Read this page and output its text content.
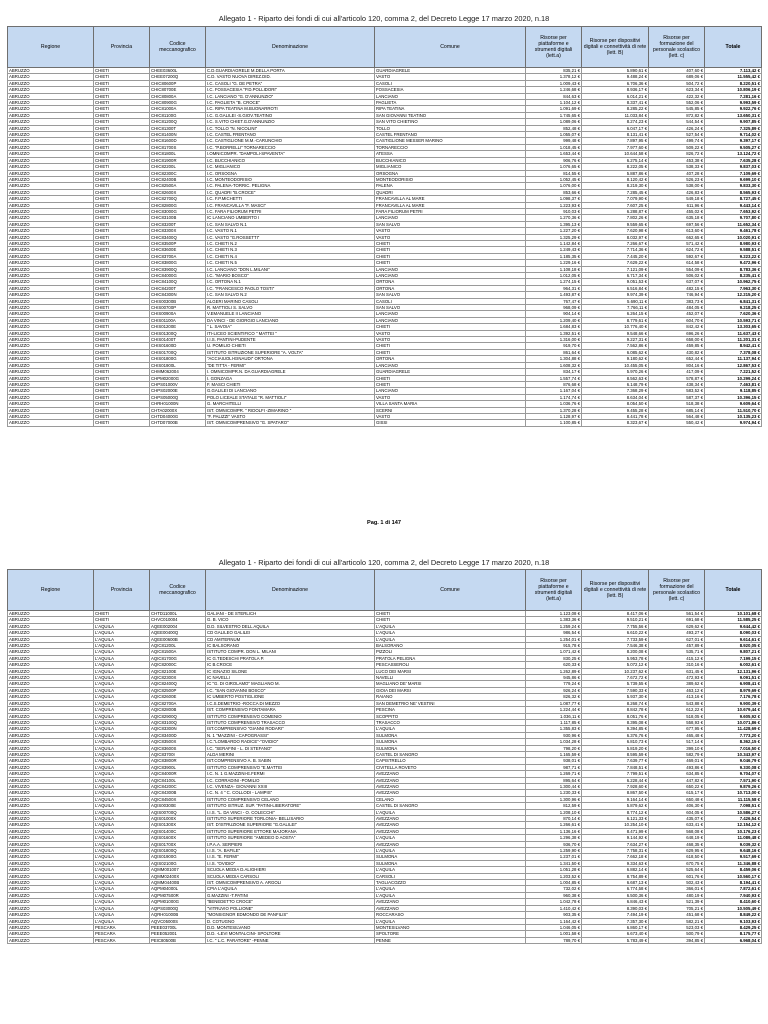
Allegato 1 - Riparto dei fondi di cui all'articolo 120, comma 2, del Decreto Legge 17 marzo 2020, n.18
Regione	Provincia	Codice meccanografico	Denominazione	Comune	Risorse per piattaforme e strumenti digitali (lett.a)	Risorse per dispositivi digitali e connettività di rete (lett. B)	Risorse per formazione del personale scolastico (lett. c)	Totale
ABRUZZO	CHIETI	CHEE03600L	C.D.GUARDIAGRELE M.DELLA PORTA	GUARDIAGRELE	835,21 €	5.890,61 €	407,60 €	7.113,42 €
ABRUZZO	CHIETI	CHEE07200Q	C.D. VASTO NUOVA DIREZ.DID.	VASTO	1.378,12 €	9.488,24 €	689,06 €	11.555,42 €
ABRUZZO	CHIETI	CHIC80600P	I.C. CASOLI "G. DE PETRA"	CASOLI	1.009,43 €	6.706,36 €	504,72 €	8.220,51 €
ABRUZZO	CHIETI	CHIC80700E	I.C. FOSSACESIA "P.D.POLLIDORI"	FOSSACESIA	1.246,68 €	8.936,17 €	623,34 €	10.806,19 €
ABRUZZO	CHIETI	CHIC80800A	I.C. LANCIANO "G. D'ANNUNZIO"	LANCIANO	844,63 €	6.014,21 €	422,32 €	7.281,16 €
ABRUZZO	CHIETI	CHIC80900G	I.C. PAGLIETA "B. CROCE"	PAGLIETA	1.104,12 €	8.337,41 €	552,06 €	9.993,59 €
ABRUZZO	CHIETI	CHIC81000A	I.C. RIPA TEATINA M.BUONARROTI	RIPA TEATINA	1.091,69 €	8.285,22 €	545,85 €	9.922,76 €
ABRUZZO	CHIETI	CHIC81100G	I.C. G.GALILEI -S.GIOV.TEATINO	SAN GIOVANNI TEATINO	1.745,65 €	11.033,84 €	872,82 €	13.650,31 €
ABRUZZO	CHIETI	CHIC81200Q	I.C. S.VITO CHIET.G.D'ANNUNZIO	SAN VITO CHIETINO	1.089,06 €	8.274,23 €	544,54 €	9.907,85 €
ABRUZZO	CHIETI	CHIC81300T	I.C. TOLLO "N. NICOLINI"	TOLLO	852,48 €	6.047,17 €	426,24 €	7.325,89 €
ABRUZZO	CHIETI	CHIC81400N	I.C. CASTEL FRENTANO	CASTEL FRENTANO	1.055,07 €	8.131,41 €	527,54 €	9.714,02 €
ABRUZZO	CHIETI	CHIC81600D	I.C. CASTIGLIONE M.M.-CARUNCHIO	CASTIGLIONE MESSER MARINO	999,48 €	7.897,95 €	499,74 €	9.397,17 €
ABRUZZO	CHIETI	CHIC81700S	I.C. "P.BORRELLI" TORNARECCIO	TORNARECCIO	1.018,45 €	7.977,60 €	509,22 €	9.505,27 €
ABRUZZO	CHIETI	CHIC81800L	I.OMNICOMPR. "DAMPOLI-SPAVENTA"	ATESSA	1.653,44 €	10.644,58 €	826,72 €	13.124,72 €
ABRUZZO	CHIETI	CHIC81900R	I.C. BUCCHIANICO	BUCCHIANICO	906,76 €	6.275,14 €	453,38 €	7.635,28 €
ABRUZZO	CHIETI	CHIC82200L	I.C. MIGLIANICO	MIGLIANICO	1.076,65 €	8.222,05 €	538,33 €	9.837,03 €
ABRUZZO	CHIETI	CHIC82300C	I.C. ORSOGNA	ORSOGNA	814,55 €	5.887,86 €	407,28 €	7.109,69 €
ABRUZZO	CHIETI	CHIC82400B	I.C. MONTEODORISIO	MONTEODORISIO	1.052,45 €	8.120,42 €	526,23 €	9.699,10 €
ABRUZZO	CHIETI	CHIC82500A	I.C. PALENA-TORRIC. PELIGNA	PALENA	1.076,00 €	8.219,30 €	538,00 €	9.833,30 €
ABRUZZO	CHIETI	CHIC82600X	I.C. QUADRI "B.CROCE"	QUADRI	853,66 €	7.285,45 €	426,83 €	8.565,93 €
ABRUZZO	CHIETI	CHIC82700Q	I.C. F.P.MICHETTI	FRANCAVILLA AL MARE	1.098,37 €	7.079,90 €	549,18 €	8.727,45 €
ABRUZZO	CHIETI	CHIC82800G	I.C. FRANCAVILLA "F. MASCI"	FRANCAVILLA AL MARE	1.223,93 €	7.607,25 €	611,96 €	9.443,14 €
ABRUZZO	CHIETI	CHIC83000G	I.C. FARA FILIORUM PETRI	FARA FILIORUM PETRI	910,03 €	6.288,87 €	455,02 €	7.653,92 €
ABRUZZO	CHIETI	CHIC83100B	IC LANCIANO UMBERTO I	LANCIANO	1.270,36 €	7.802,26 €	635,18 €	9.707,80 €
ABRUZZO	CHIETI	CHIC83200T	I.C. SAN SALVO N.1	SAN SALVO	1.395,13 €	9.559,65 €	697,56 €	11.652,34 €
ABRUZZO	CHIETI	CHIC83300X	I.C. VASTO N.1	VASTO	1.227,20 €	7.620,98 €	613,60 €	9.461,78 €
ABRUZZO	CHIETI	CHIC83400Q	I.C. VASTO "G.ROSSETTI"	VASTO	1.325,29 €	8.032,97 €	662,65 €	10.020,91 €
ABRUZZO	CHIETI	CHIC83500P	I.C. CHIETI N.2	CHIETI	1.142,84 €	7.266,67 €	571,42 €	8.980,93 €
ABRUZZO	CHIETI	CHIC83600E	I.C. CHIETI N.3	CHIETI	1.249,43 €	7.714,36 €	624,72 €	9.588,51 €
ABRUZZO	CHIETI	CHIC83700A	I.C. CHIETI N.4	CHIETI	1.185,35 €	7.445,20 €	592,67 €	9.223,22 €
ABRUZZO	CHIETI	CHIC83800G	I.C. CHIETI N.5	CHIETI	1.229,16 €	7.629,22 €	614,58 €	9.472,96 €
ABRUZZO	CHIETI	CHIC83900Q	I.C. LANCIANO "DON L.MILANI"	LANCIANO	1.108,18 €	7.121,09 €	554,09 €	8.783,36 €
ABRUZZO	CHIETI	CHIC84000G	I.C. "MARIO BOSCO"	LANCIANO	1.012,05 €	6.717,34 €	506,02 €	8.235,41 €
ABRUZZO	CHIETI	CHIC84100Q	I.C. ORTONA N.1	ORTONA	1.274,15 €	9.051,53 €	637,07 €	10.962,75 €
ABRUZZO	CHIETI	CHIC84200T	I.C. "FRANCESCO PAOLO TOSTI"	ORTONA	964,31 €	6.516,84 €	482,15 €	7.963,30 €
ABRUZZO	CHIETI	CHIC84300N	I.C. SAN SALVO N.2	SAN SALVO	1.493,87 €	9.974,39 €	746,94 €	12.215,20 €
ABRUZZO	CHIETI	CHIS00300B	ALGERI MARINO CASOLI	CASOLI	767,47 €	5.690,11 €	383,73 €	6.841,31 €
ABRUZZO	CHIETI	CHIS00700P	R. MATTIOLI S. SALVO	SAN SALVO	968,09 €	7.766,11 €	484,05 €	9.218,25 €
ABRUZZO	CHIETI	CHIS00900A	V.EMANUELE II LANCIANO	LANCIANO	904,14 €	6.264,15 €	452,07 €	7.620,36 €
ABRUZZO	CHIETI	CHIS01100A	DA VINCI - DE GIORGIO LANCIANO	LANCIANO	1.209,40 €	8.779,61 €	604,70 €	10.593,71 €
ABRUZZO	CHIETI	CHIS01200E	" L. SAVOIA"	CHIETI	1.684,83 €	10.776,40 €	842,42 €	13.303,65 €
ABRUZZO	CHIETI	CHIS01300Q	ITI-LICEO SCIENTIFICO " MATTEI "	VASTO	1.392,51 €	9.548,66 €	696,26 €	11.637,43 €
ABRUZZO	CHIETI	CHIS01400T	I.I.S. PANTINI-PUDENTE	VASTO	1.316,00 €	9.227,31 €	658,00 €	11.201,31 €
ABRUZZO	CHIETI	CHIS01600D	U. POMILIO CHIETI	CHIETI	919,70 €	7.562,86 €	459,85 €	8.942,41 €
ABRUZZO	CHIETI	CHIS01700Q	ISTITUTO ISTRUZIONE SUPERIORE "A. VOLTA"	CHIETI	861,64 €	6.085,62 €	430,82 €	7.378,08 €
ABRUZZO	CHIETI	CHIS01800G	"ACCIAIUOLI-EINAUDI" ORTONA	ORTONA	1.304,88 €	9.180,62 €	652,44 €	11.137,94 €
ABRUZZO	CHIETI	CHIS01900L	"DE TITTA - FERMI"	LANCIANO	1.608,32 €	10.455,05 €	804,16 €	12.867,53 €
ABRUZZO	CHIETI	CHMM062004	I. OMNICOMPR.N. DA GUARDIAGRELE	GUARDIAGRELE	834,17 €	5.970,26 €	417,09 €	7.221,52 €
ABRUZZO	CHIETI	CHPM02000G	I. GONZAGA	CHIETI	1.557,74 €	8.562,63 €	578,87 €	10.299,24 €
ABRUZZO	CHIETI	CHPS01000V	F. MASCI CHIETI	CHIETI	876,68 €	6.148,79 €	438,34 €	7.463,81 €
ABRUZZO	CHIETI	CHPS02000E	G.GALILEI DI LANCIANO	LANCIANO	1.167,04 €	7.368,29 €	583,52 €	9.118,85 €
ABRUZZO	CHIETI	CHPS05000Q	POLO LICEALE STATALE "R. MATTIOLI"	VASTO	1.174,74 €	8.634,04 €	587,37 €	10.396,15 €
ABRUZZO	CHIETI	CHRH01000N	G. MARCHITELLI	VILLA SANTA MARIA	1.036,76 €	8.054,50 €	518,38 €	9.609,64 €
ABRUZZO	CHIETI	CHTA02000X	IST. OMNICOMPR. " RIDOLFI -ZIMARINO "	SCERNI	1.370,28 €	9.455,28 €	685,14 €	11.510,70 €
ABRUZZO	CHIETI	CHTD04000G	"F. PALIZZI" VASTO	VASTO	1.128,97 €	8.441,78 €	564,48 €	10.135,23 €
ABRUZZO	CHIETI	CHTD07000B	IST. OMNICOMPRENSIVO "G. SPATARO"	GISSI	1.100,85 €	8.323,67 €	550,42 €	9.974,94 €
Pag. 1 di 147
Allegato 1 - Riparto dei fondi di cui all'articolo 120, comma 2, del Decreto Legge 17 marzo 2020, n.18
Regione	Provincia	Codice meccanografico	Denominazione	Comune	Risorse per piattaforme e strumenti digitali (lett.a)	Risorse per dispositivi digitali e connettività di rete (lett. B)	Risorse per formazione del personale scolastico (lett. c)	Totale
ABRUZZO	CHIETI	CHTD11000L	GALIANI - DE STERLICH	CHIETI	1.123,08 €	8.417,06 €	561,54 €	10.101,68 €
ABRUZZO	CHIETI	CHVC010004	G. B. VICO	CHIETI	1.383,36 €	9.510,21 €	691,68 €	11.585,25 €
ABRUZZO	L'AQUILA	AQEE002004	D.D. SILVESTRO DELL AQUILA	L'AQUILA	1.259,24 €	7.755,56 €	629,62 €	9.644,42 €
ABRUZZO	L'AQUILA	AQEE00400Q	CD GALILEO GALILEI	L'AQUILA	986,54 €	6.610,22 €	493,27 €	8.090,03 €
ABRUZZO	L'AQUILA	AQEE00600B	CD AMITERNUM	L'AQUILA	1.254,01 €	7.733,59 €	627,01 €	9.614,61 €
ABRUZZO	L'AQUILA	AQIC81200L	IC BALSORANO	BALSORANO	915,78 €	7.546,38 €	457,89 €	8.920,05 €
ABRUZZO	L'AQUILA	AQIC81500A	ISTITUTO COMPR. DON L. MILANI	PIZZOLI	1.071,42 €	8.200,08 €	535,71 €	9.807,21 €
ABRUZZO	L'AQUILA	AQIC81700G	IC G.TEDESCHI PRATOLA P.	PRATOLA PELIGNA	830,25 €	5.953,78 €	415,12 €	7.199,15 €
ABRUZZO	L'AQUILA	AQIC82000C	IC B.CROCE	PESCASSEROLI	620,33 €	5.072,12 €	310,16 €	6.002,61 €
ABRUZZO	L'AQUILA	AQIC82100E	IC IGNAZIO SILONE	LUCO DEI MARSI	1.262,89 €	10.237,62 €	631,45 €	12.131,96 €
ABRUZZO	L'AQUILA	AQIC82300X	IC NAVELLI	NAVELLI	945,86 €	7.672,72 €	472,93 €	9.091,51 €
ABRUZZO	L'AQUILA	AQIC82400Q	IC "G. DI GIROLAMO" MAGLIANO M.	MAGLIANO DE' MARSI	779,24 €	5.739,55 €	389,62 €	6.908,41 €
ABRUZZO	L'AQUILA	AQIC82500P	I.C. "SAN GIOVANNI BOSCO"	GIOIA DEI MARSI	926,24 €	7.590,33 €	463,12 €	8.979,69 €
ABRUZZO	L'AQUILA	AQIC82600E	IC UMBERTO POSTIGLIONE	RAIANO	826,32 €	5.937,30 €	413,16 €	7.176,78 €
ABRUZZO	L'AQUILA	AQIC82700A	I.C.S.DEMETRIO -ROCCA DI MEZZO	SAN DEMETRIO NE' VESTINI	1.087,77 €	8.268,74 €	543,88 €	9.900,39 €
ABRUZZO	L'AQUILA	AQIC82800B	IST. COMPRENSIVO FONTAMARA	PESCINA	1.224,44 €	8.842,78 €	612,22 €	10.679,44 €
ABRUZZO	L'AQUILA	AQIC82900Q	ISTITUTO COMPRENSIVO COMENIO	SCOPPITO	1.036,11 €	8.051,76 €	518,05 €	9.605,92 €
ABRUZZO	L'AQUILA	AQIC83100Q	ISTITUTO COMPRENSIVO TRASACCO	TRASACCO	1.117,85 €	8.395,08 €	558,93 €	10.071,86 €
ABRUZZO	L'AQUILA	AQIC83300N	IST.COMPRENSIVO "GIANNI RODARI"	L'AQUILA	1.355,83 €	9.394,85 €	677,95 €	11.428,69 €
ABRUZZO	L'AQUILA	AQIC83400D	N. 1 "MAZZINI - CAPOGRASSI"	SULMONA	930,96 €	6.376,76 €	465,48 €	7.773,20 €
ABRUZZO	L'AQUILA	AQIC83500X	I.C."LOMBARDO RADICE"-"OVIDIO"	SULMONA	1.034,28 €	6.810,73 €	517,14 €	8.362,15 €
ABRUZZO	L'AQUILA	AQIC83600S	I.C. "SERAFINI - L. DI STEFANO"	SULMONA	798,20 €	5.819,20 €	399,10 €	7.016,50 €
ABRUZZO	L'AQUILA	AQIC83700I	ALDA MERINI	CASTEL DI SANGRO	1.165,59 €	8.595,59 €	582,79 €	10.343,97 €
ABRUZZO	L'AQUILA	AQIC83800R	IST.COMPRENSIVO A. B. SABIN	CAPISTRELLO	938,01 €	7.639,77 €	469,01 €	9.046,79 €
ABRUZZO	L'AQUILA	AQIC83900L	ISTITUTO COMPRENSIVO "E.MATTEI	CIVITELLA ROVETO	987,71 €	7.848,51 €	493,86 €	9.330,08 €
ABRUZZO	L'AQUILA	AQIC84000R	I.C. N. 1 G.MAZZINI-E.FERMI	AVEZZANO	1.269,71 €	7.799,51 €	634,85 €	9.704,07 €
ABRUZZO	L'AQUILA	AQIC84100L	I.C. CORRADINI -POMILIO	AVEZZANO	895,64 €	6.228,44 €	447,82 €	7.571,90 €
ABRUZZO	L'AQUILA	AQIC84200C	I.C. VIVENZA- GIOVANNI XXIII	AVEZZANO	1.300,44 €	7.928,60 €	650,22 €	9.879,26 €
ABRUZZO	L'AQUILA	AQIC84300B	I.C. N. 4 " C. COLLODI - LAMPIS"	AVEZZANO	1.230,33 €	8.867,50 €	615,17 €	10.713,00 €
ABRUZZO	L'AQUILA	AQIC84500X	ISTITUTO COMPRENSIVO CELANO	CELANO	1.300,96 €	9.164,14 €	650,48 €	11.115,58 €
ABRUZZO	L'AQUILA	AQIS00300E	ISTITUTO ISTRUZ. SUP. "PATINI-LIBERATORE"	CASTEL DI SANGRO	812,59 €	5.879,62 €	406,30 €	7.098,51 €
ABRUZZO	L'AQUILA	AQIS00700Q	I.I.S. "L. DA VINCI - O. COLECCHI"	L'AQUILA	1.208,10 €	8.774,12 €	604,05 €	10.586,27 €
ABRUZZO	L'AQUILA	AQIS01000X	ISTITUTO SUPERIORE TORLONIA- BELLISARIO	AVEZZANO	870,14 €	6.121,33 €	435,07 €	7.426,54 €
ABRUZZO	L'AQUILA	AQIS01300X	IST. D'ISTRUZIONE SUPERIORE "G.GALILEI"	AVEZZANO	1.266,61 €	10.254,10 €	633,41 €	12.154,12 €
ABRUZZO	L'AQUILA	AQIS01400C	ISTITUTO SUPERIORE ETTORE MAJORANA	AVEZZANO	1.136,16 €	8.471,99 €	568,08 €	10.176,23 €
ABRUZZO	L'AQUILA	AQIS01600X	ISTITUTO SUPERIORE "AMEDEO D AOSTA"	L'AQUILA	1.296,38 €	9.144,92 €	648,19 €	11.089,48 €
ABRUZZO	L'AQUILA	AQIS01700X	I.P.A.A. SERPIERI	AVEZZANO	936,70 €	7.634,27 €	468,35 €	9.039,32 €
ABRUZZO	L'AQUILA	AQIS01800Q	I.I.S. "A. BAFILE"	L'AQUILA	1.259,90 €	7.758,31 €	629,95 €	9.648,16 €
ABRUZZO	L'AQUILA	AQIS01900G	I.I.S. "E. FERMI"	SULMONA	1.237,01 €	7.662,18 €	618,50 €	9.517,69 €
ABRUZZO	L'AQUILA	AQIS02100G	I.I.S. "OVIDIO"	SULMONA	1.341,50 €	9.334,63 €	670,75 €	11.346,88 €
ABRUZZO	L'AQUILA	AQMM001007	SCUOLA MEDIA D.ALIGHIERI	L'AQUILA	1.051,28 €	6.882,14 €	525,64 €	8.459,06 €
ABRUZZO	L'AQUILA	AQMM02400X	SCUOLA MEDIA CARSOLI	CARSOLI	1.203,52 €	8.754,89 €	601,76 €	10.560,17 €
ABRUZZO	L'AQUILA	AQMM04400B	IST. OMNICOMPRENSIVO A. ARGOLI	TAGLIACOZZO	1.004,85 €	6.687,13 €	502,43 €	8.194,41 €
ABRUZZO	L'AQUILA	AQPM04000L	CPIA L'AQUILA	L'AQUILA	732,02 €	6.774,58 €	366,01 €	7.872,61 €
ABRUZZO	L'AQUILA	AQPM07500R	G.MAZZINI -T.PATINI	L'AQUILA	960,38 €	6.500,36 €	480,19 €	7.940,93 €
ABRUZZO	L'AQUILA	AQPM01000G	"BENEDETTO CROCE"	AVEZZANO	1.042,78 €	6.846,43 €	521,39 €	8.410,60 €
ABRUZZO	L'AQUILA	AQPS03000Q	"VITRUVIO POLLIONE"	AVEZZANO	1.410,42 €	8.390,03 €	705,21 €	10.505,49 €
ABRUZZO	L'AQUILA	AQRH01000B	"MONSIGNOR EDMONDO DE PANFILIS"	ROCCARASO	903,35 €	7.494,19 €	451,68 €	8.849,22 €
ABRUZZO	L'AQUILA	AQVC05000S	D. COTUGNO	L'AQUILA	1.164,42 €	7.357,30 €	582,21 €	9.103,93 €
ABRUZZO	PESCARA	PEEE03700L	D.D. MONTESILVANO	MONTESILVANO	1.046,05 €	6.860,17 €	523,03 €	8.429,25 €
ABRUZZO	PESCARA	PEEE052001	D.D. -LEVI MONTALCINI- SPOLTORE	SPOLTORE	1.001,58 €	6.673,40 €	500,79 €	8.175,77 €
ABRUZZO	PESCARA	PEIC80500B	I.C. " L.C. PARATORE" -PENNE	PENNE	789,70 €	5.783,49 €	394,85 €	6.968,04 €
